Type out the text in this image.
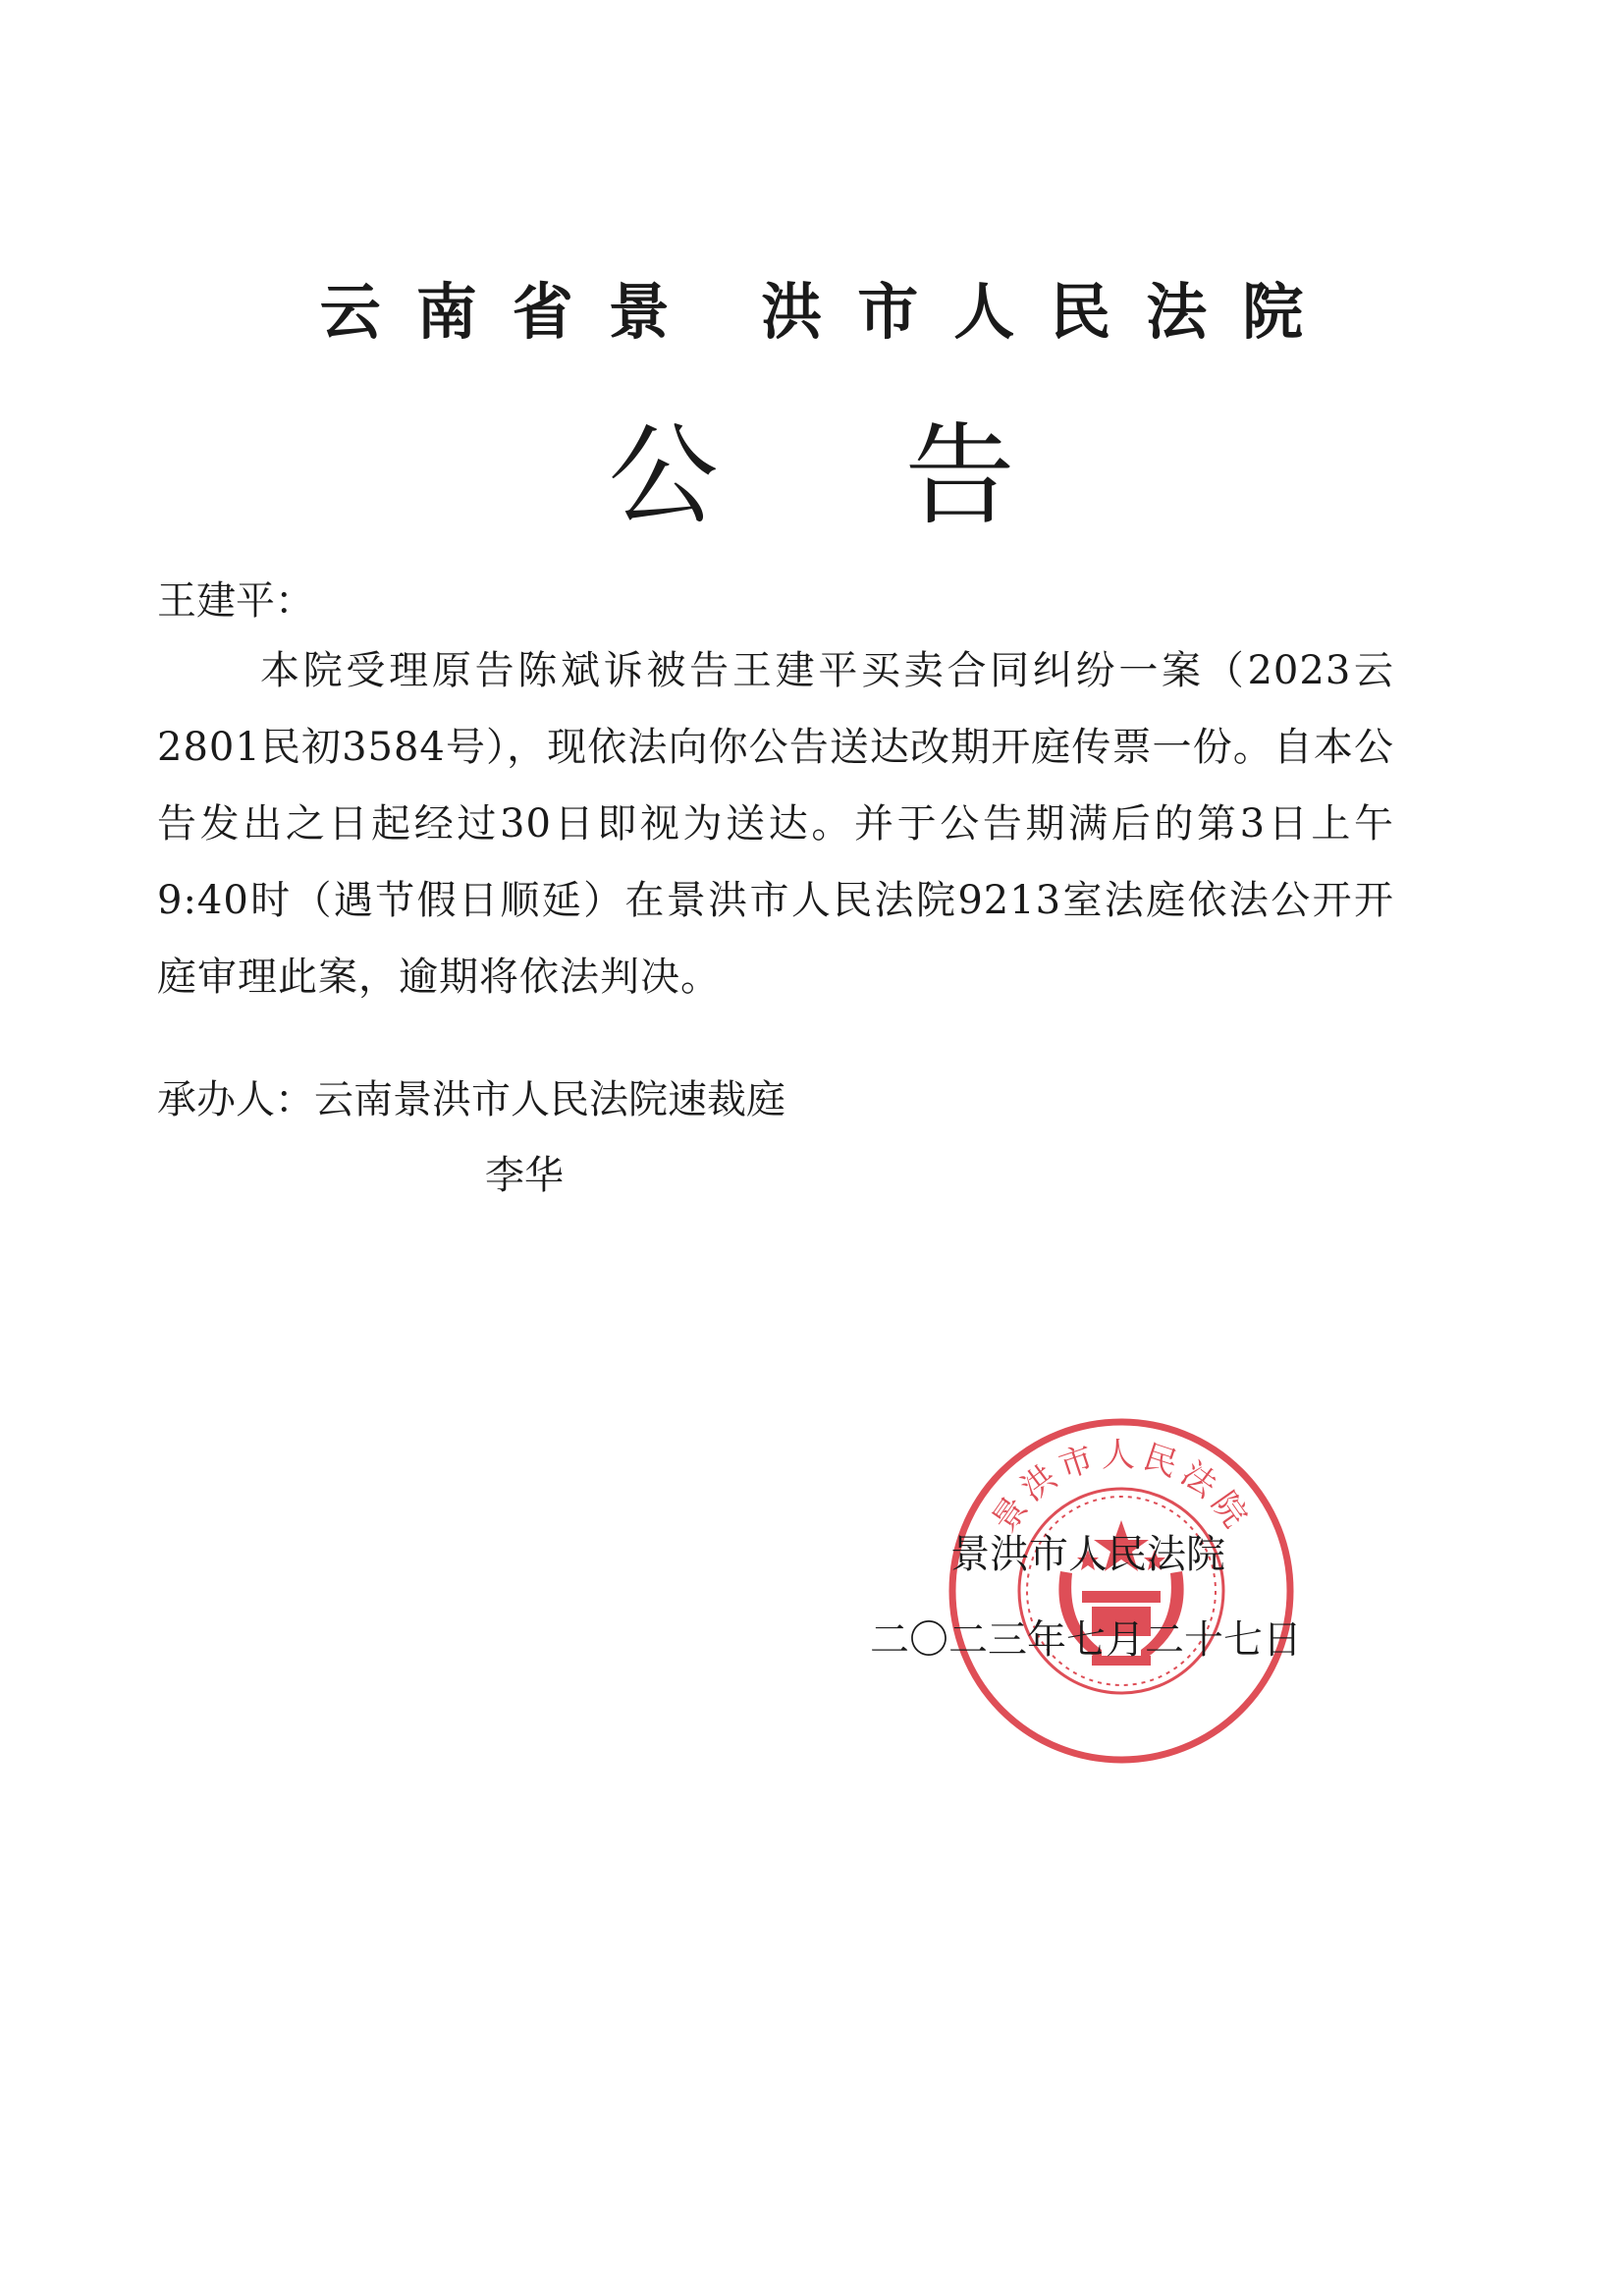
云南省景 洪市人民法院
公告
王建平：
本院受理原告陈斌诉被告王建平买卖合同纠纷一案（2023云2801民初3584号），现依法向你公告送达改期开庭传票一份。自本公告发出之日起经过30日即视为送达。并于公告期满后的第3日上午9:40时（遇节假日顺延）在景洪市人民法院9213室法庭依法公开开庭审理此案，逾期将依法判决。
承办人：云南景洪市人民法院速裁庭
李华
景洪市人民法院
景洪市人民法院
二〇二三年七月二十七日
